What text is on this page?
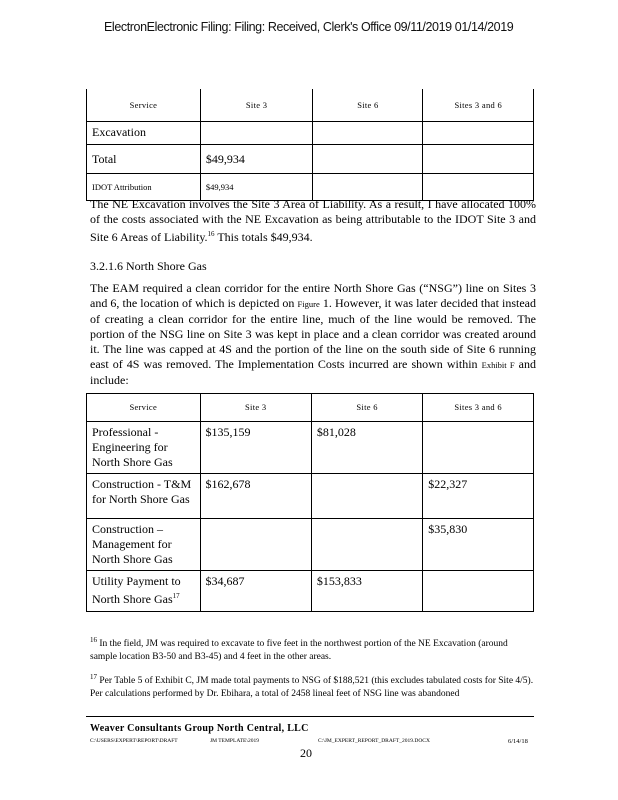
ElectronElectronic Filing: Filing: Received, Clerk's Office 09/11/2019 01/14/2019
Service	Site 3	Site 6	Sites 3 and 6
Excavation			
Total	$49,934		
IDOT Attribution	$49,934		
The NE Excavation involves the Site 3 Area of Liability. As a result, I have allocated 100% of the costs associated with the NE Excavation as being attributable to the IDOT Site 3 and Site 6 Areas of Liability.$^{16}$ This totals $49,934.
3.2.1.6 North Shore Gas
The EAM required a clean corridor for the entire North Shore Gas (“NSG”) line on Sites 3 and 6, the location of which is depicted on Figure 1. However, it was later decided that instead of creating a clean corridor for the entire line, much of the line would be removed. The portion of the NSG line on Site 3 was kept in place and a clean corridor was created around it. The line was capped at 4S and the portion of the line on the south side of Site 6 running east of 4S was removed. The Implementation Costs incurred are shown within Exhibit F and include:
Service	Site 3	Site 6	Sites 3 and 6
Professional - Engineering for North Shore Gas	$135,159	$81,028	
Construction - T&M for North Shore Gas	$162,678		$22,327
Construction – Management for North Shore Gas			$35,830
Utility Payment to North Shore Gas$^{17}$	$34,687	$153,833	
$^{16}$ In the field, JM was required to excavate to five feet in the northwest portion of the NE Excavation (around sample location B3-50 and B3-45) and 4 feet in the other areas.
$^{17}$ Per Table 5 of Exhibit C, JM made total payments to NSG of $188,521 (this excludes tabulated costs for Site 4/5). Per calculations performed by Dr. Ebihara, a total of 2458 lineal feet of NSG line was abandoned
Weaver Consultants Group North Central, LLC
C:\USERS\EXPERT\REPORT\DRAFT	JM TEMPLATE\2019	C:\JM_EXPERT_REPORT_DRAFT_2019.DOCX	6/14/18
20
